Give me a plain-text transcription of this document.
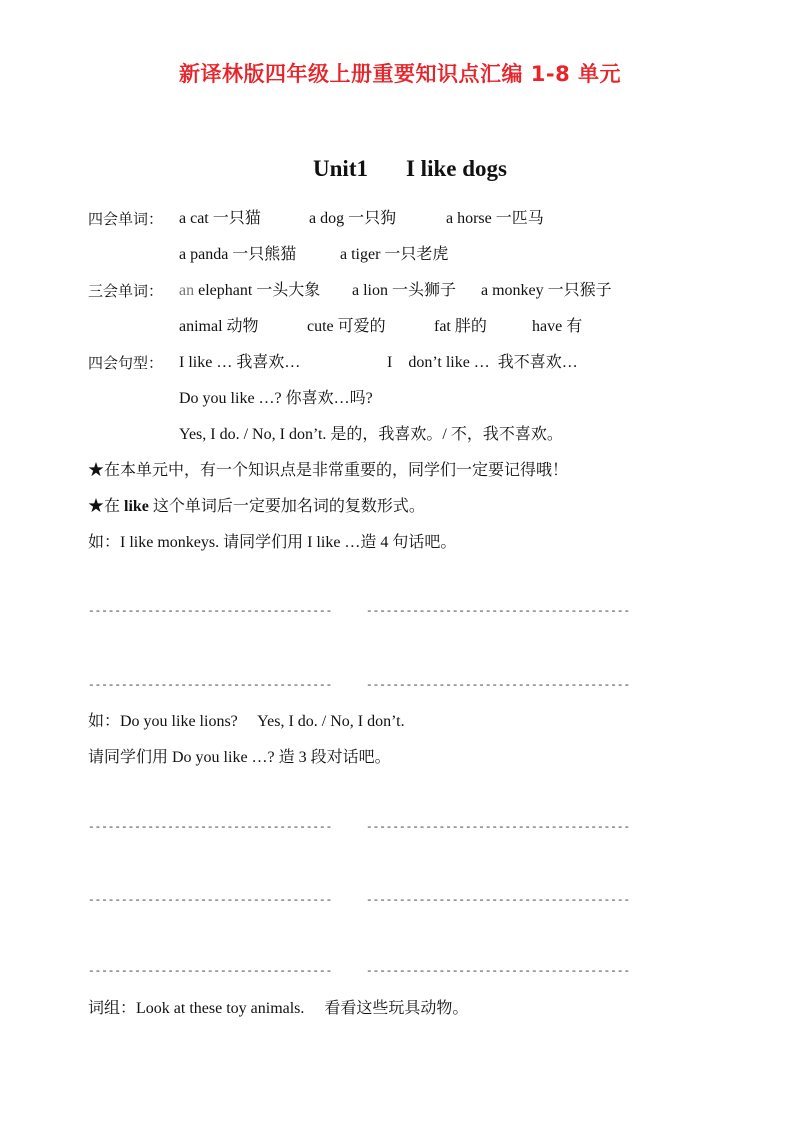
新译林版四年级上册重要知识点汇编 1-8 单元
Unit1 I like dogs
四会单词： a cat 一只猫	a dog 一只狗	a horse 一匹马
a panda 一只熊猫	a tiger 一只老虎
三会单词： an elephant 一头大象 a lion 一头狮子 a monkey 一只猴子
animal 动物	cute 可爱的	fat 胖的	have 有
四会句型： I like … 我喜欢…	I    don’t like …  我不喜欢…
Do you like …? 你喜欢…吗?
Yes, I do. / No, I don’t. 是的，我喜欢。/ 不，我不喜欢。
★在本单元中，有一个知识点是非常重要的，同学们一定要记得哦！
★在 like 这个单词后一定要加名词的复数形式。
如：I like monkeys. 请同学们用 I like …造 4 句话吧。
-------------------------------------	----------------------------------------
-------------------------------------	----------------------------------------
如：Do you like lions?     Yes, I do. / No, I don’t.
请同学们用 Do you like …? 造 3 段对话吧。
-------------------------------------	----------------------------------------
-------------------------------------	----------------------------------------
-------------------------------------	----------------------------------------
词组：Look at these toy animals.     看看这些玩具动物。
